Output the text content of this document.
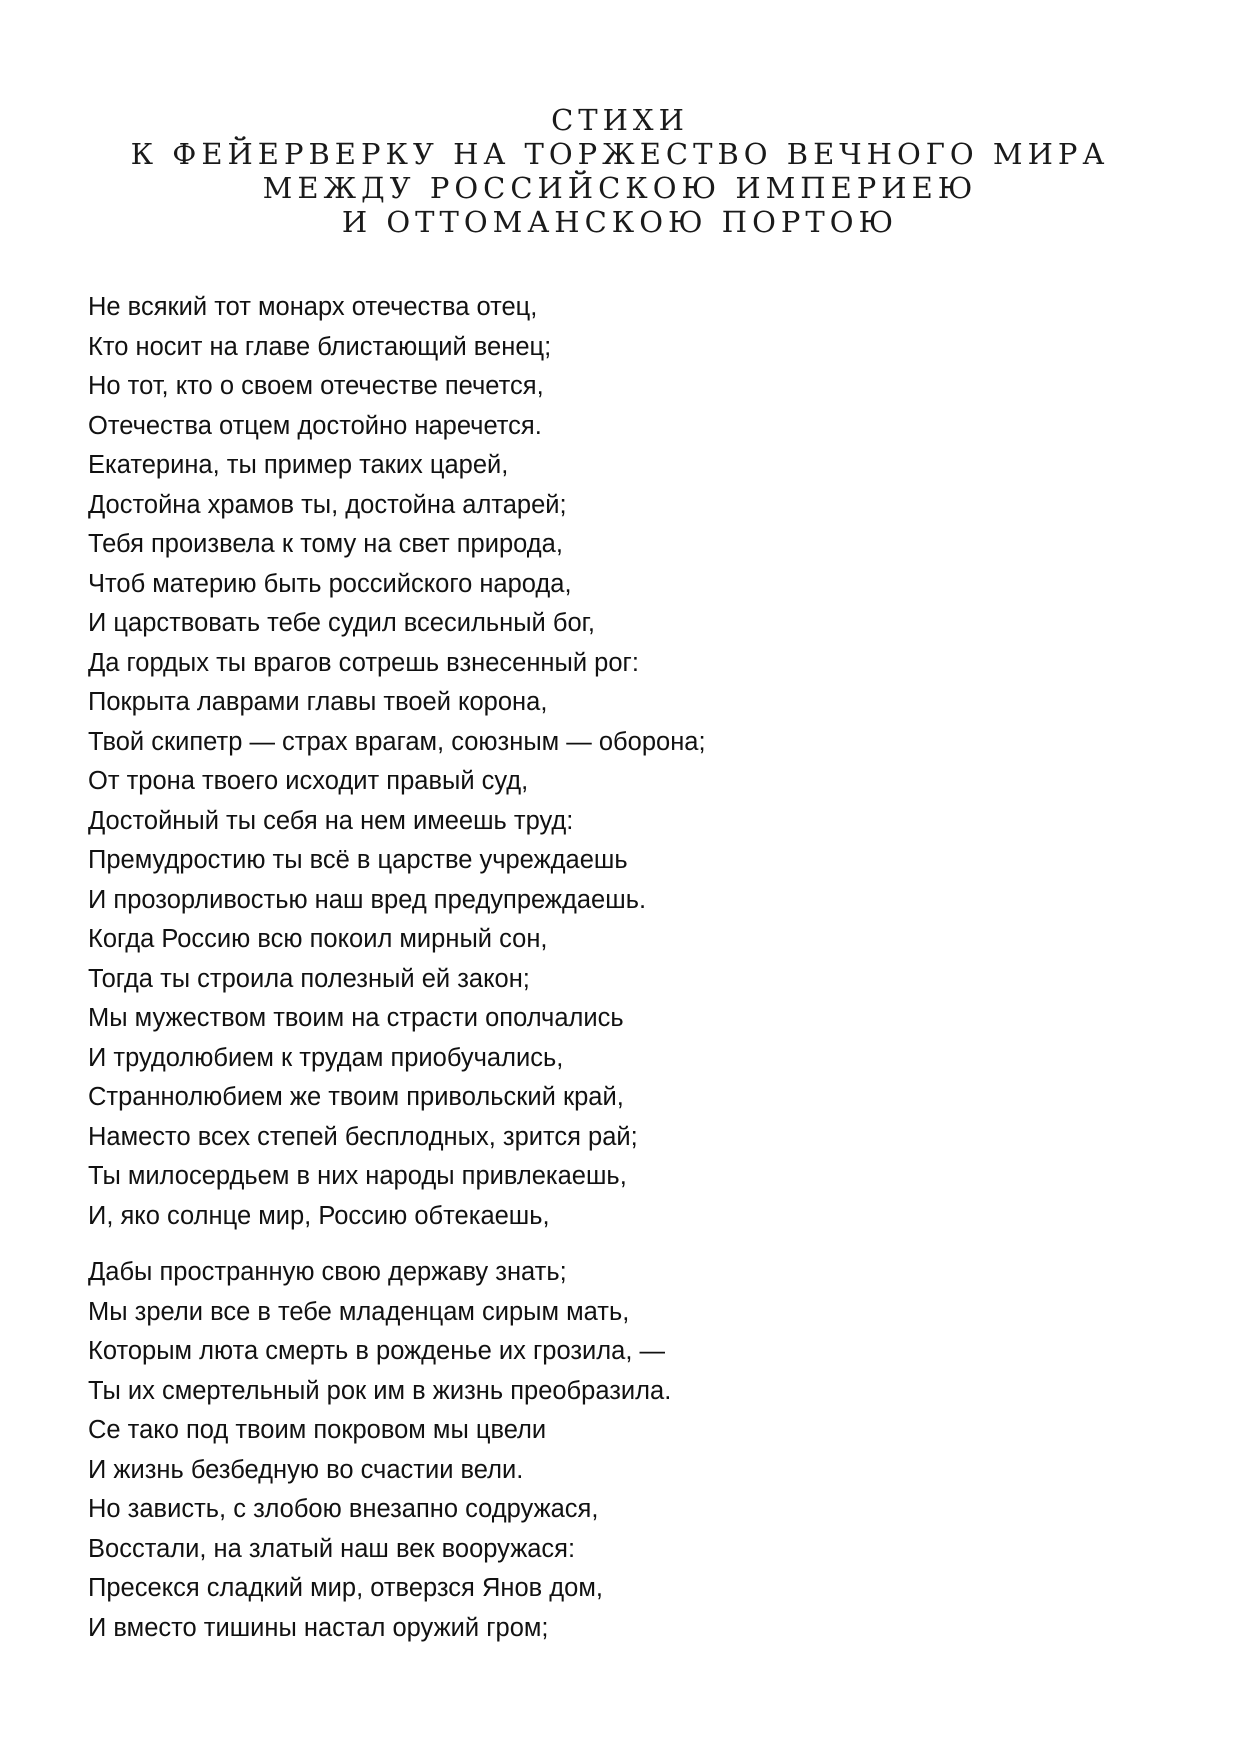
СТИХИ
К ФЕЙЕРВЕРКУ НА ТОРЖЕСТВО ВЕЧНОГО МИРА
МЕЖДУ РОССИЙСКОЮ ИМПЕРИЕЮ
И ОТТОМАНСКОЮ ПОРТОЮ
Не всякий тот монарх отечества отец,
Кто носит на главе блистающий венец;
Но тот, кто о своем отечестве печется,
Отечества отцем достойно наречется.
Екатерина, ты пример таких царей,
Достойна храмов ты, достойна алтарей;
Тебя произвела к тому на свет природа,
Чтоб материю быть российского народа,
И царствовать тебе судил всесильный бог,
Да гордых ты врагов сотрешь взнесенный рог:
Покрыта лаврами главы твоей корона,
Твой скипетр — страх врагам, союзным — оборона;
От трона твоего исходит правый суд,
Достойный ты себя на нем имеешь труд:
Премудростию ты всё в царстве учреждаешь
И прозорливостью наш вред предупреждаешь.
Когда Россию всю покоил мирный сон,
Тогда ты строила полезный ей закон;
Мы мужеством твоим на страсти ополчались
И трудолюбием к трудам приобучались,
Страннолюбием же твоим привольский край,
Наместо всех степей бесплодных, зрится рай;
Ты милосердьем в них народы привлекаешь,
И, яко солнце мир, Россию обтекаешь,
Дабы пространную свою державу знать;
Мы зрели все в тебе младенцам сирым мать,
Которым люта смерть в рожденье их грозила, —
Ты их смертельный рок им в жизнь преобразила.
Се тако под твоим покровом мы цвели
И жизнь безбедную во счастии вели.
Но зависть, с злобою внезапно содружася,
Восстали, на златый наш век вооружася:
Пресекся сладкий мир, отверзся Янов дом,
И вместо тишины настал оружий гром;
